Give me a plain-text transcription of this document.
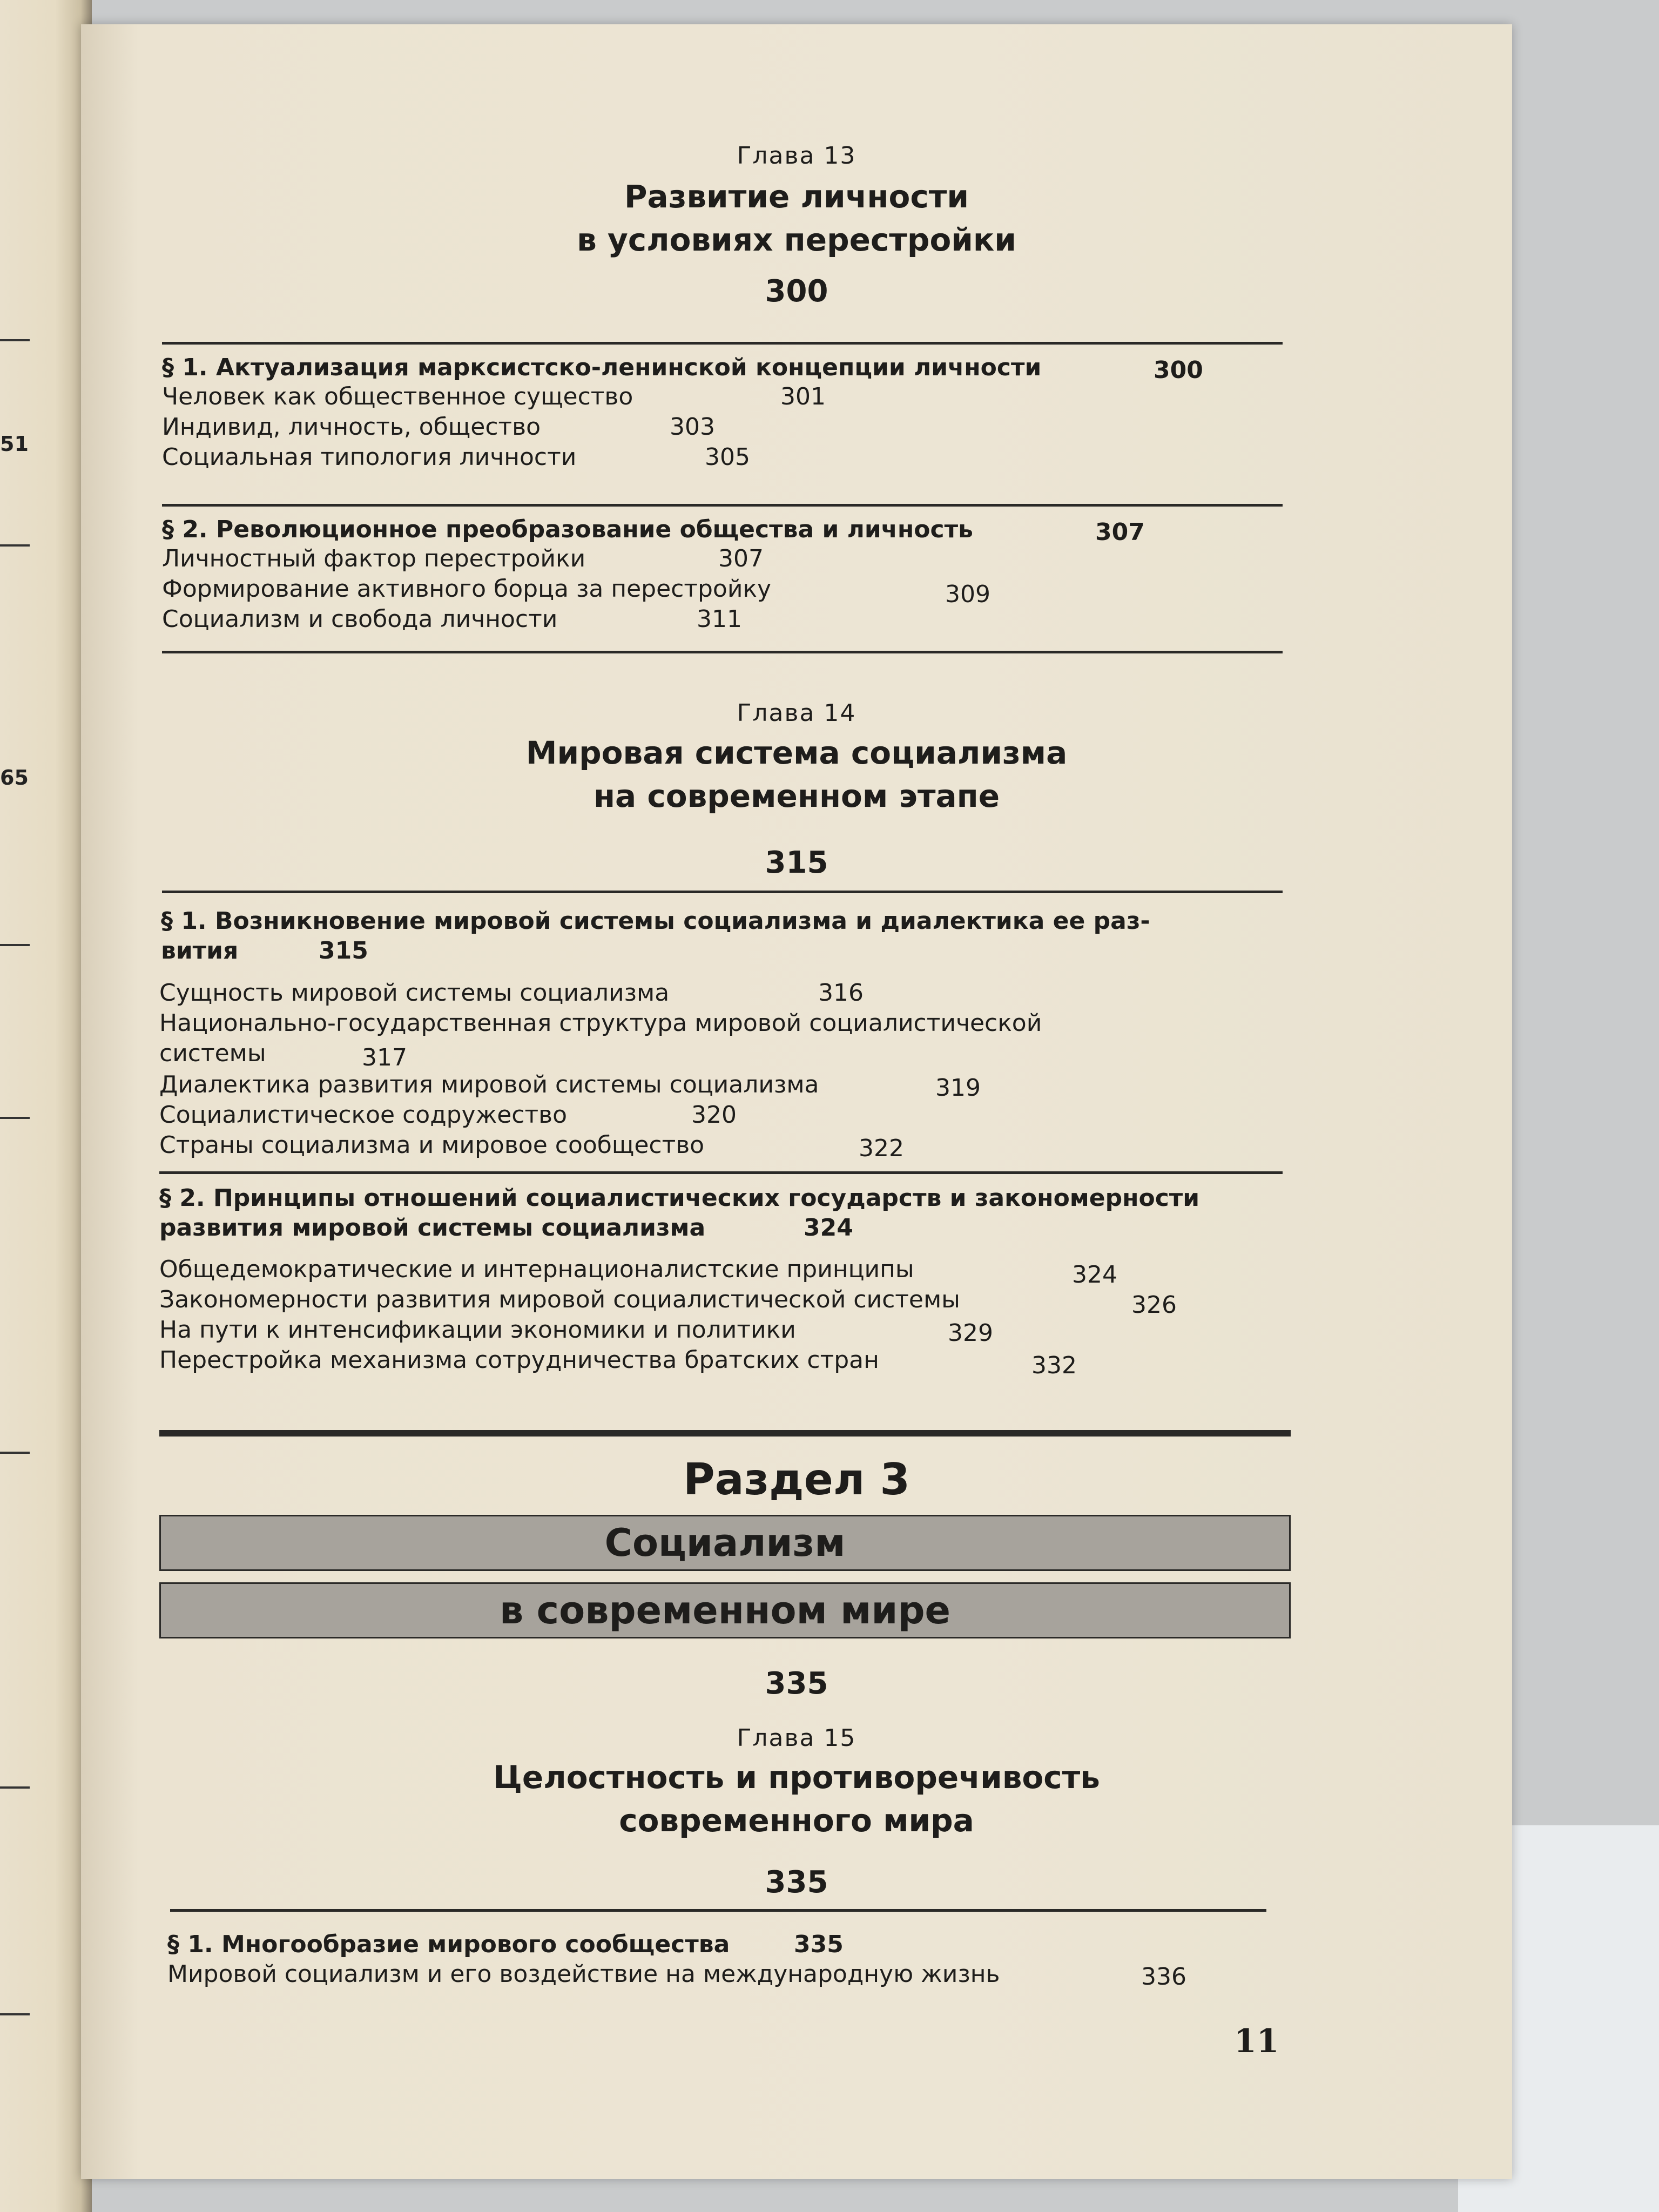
51
65
Глава 13
Развитие личности
в условиях перестройки
300
§ 1. Актуализация марксистско-ленинской концепции личности	300
Человек как общественное существо	301
Индивид, личность, общество	303
Социальная типология личности	305
§ 2. Революционное преобразование общества и личность	307
Личностный фактор перестройки	307
Формирование активного борца за перестройку	309
Социализм и свобода личности	311
Глава 14
Мировая система социализма
на современном этапе
315
§ 1. Возникновение мировой системы социализма и диалектика ее раз-
вития	315
Сущность мировой системы социализма	316
Национально-государственная структура мировой социалистической
системы	317
Диалектика развития мировой системы социализма	319
Социалистическое содружество	320
Страны социализма и мировое сообщество	322
§ 2. Принципы отношений социалистических государств и закономерности
развития мировой системы социализма	324
Общедемократические и интернационалистские принципы	324
Закономерности развития мировой социалистической системы	326
На пути к интенсификации экономики и политики	329
Перестройка механизма сотрудничества братских стран	332
Раздел 3
Социализм
в современном мире
335
Глава 15
Целостность и противоречивость
современного мира
335
§ 1. Многообразие мирового сообщества	335
Мировой социализм и его воздействие на международную жизнь	336
11
